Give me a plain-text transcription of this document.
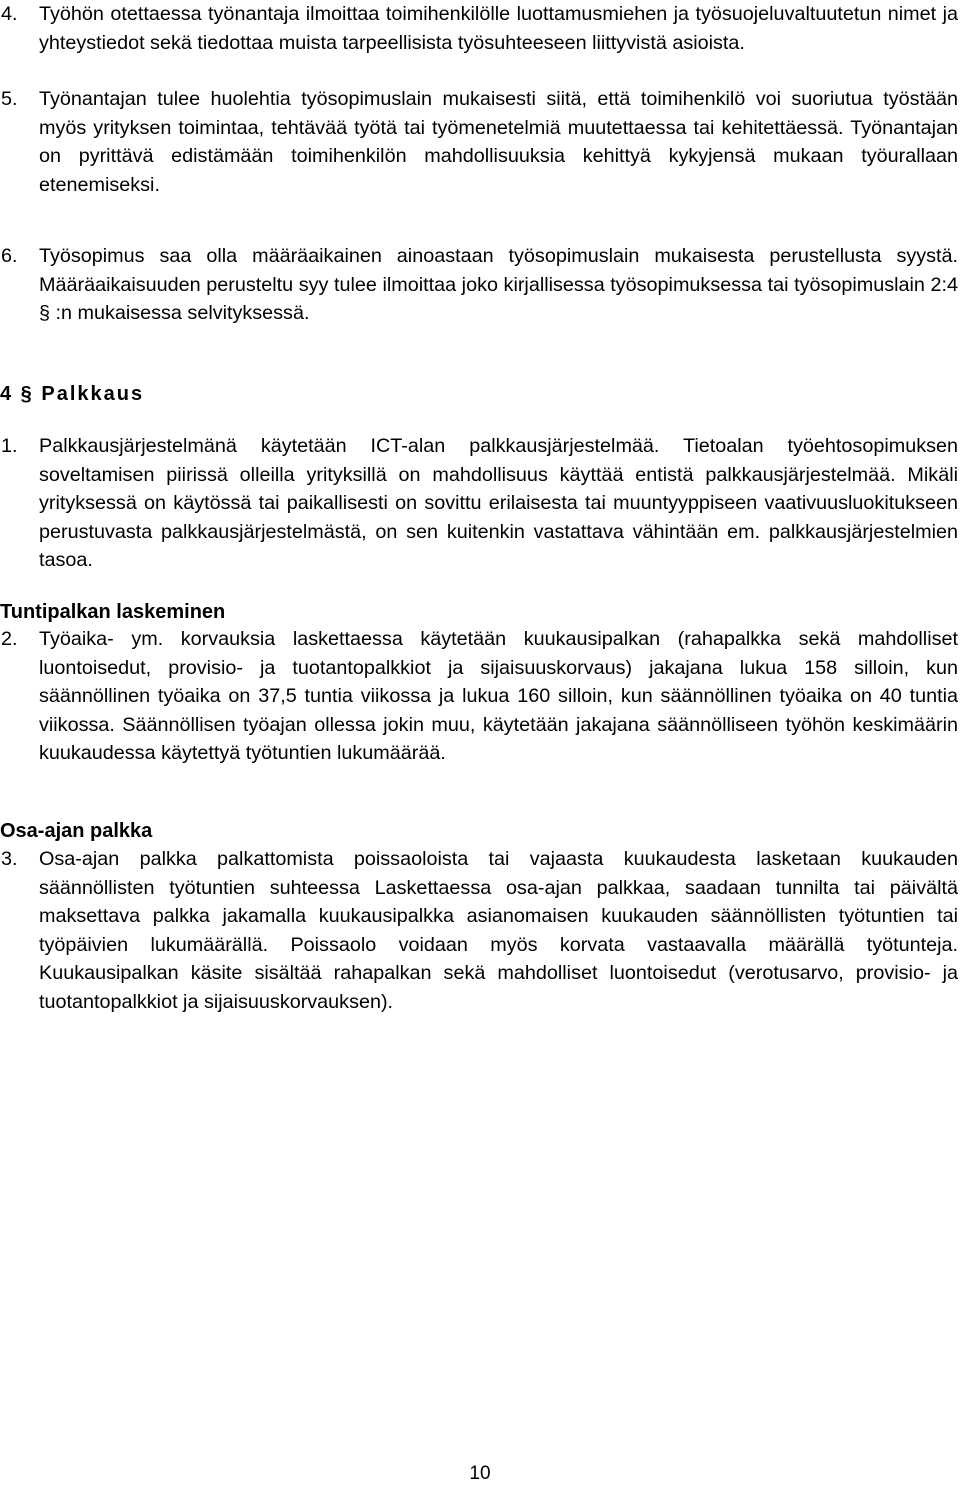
4.	Työhön otettaessa työnantaja ilmoittaa toimihenkilölle luottamusmiehen ja työsuojeluvaltuutetun nimet ja yhteystiedot sekä tiedottaa muista tarpeellisista työsuhteeseen liittyvistä asioista.
5.	Työnantajan tulee huolehtia työsopimuslain mukaisesti siitä, että toimihenkilö voi suoriutua työstään myös yrityksen toimintaa, tehtävää työtä tai työmenetelmiä muutettaessa tai kehitettäessä. Työnantajan on pyrittävä edistämään toimihenkilön mahdollisuuksia kehittyä kykyjensä mukaan työurallaan etenemiseksi.
6.	Työsopimus saa olla määräaikainen ainoastaan työsopimuslain mukaisesta perustellusta syystä. Määräaikaisuuden perusteltu syy tulee ilmoittaa joko kirjallisessa työsopimuksessa tai työsopimuslain 2:4 § :n mukaisessa selvityksessä.
4 § Palkkaus
1.	Palkkausjärjestelmänä käytetään ICT-alan palkkausjärjestelmää. Tietoalan työehtosopimuksen soveltamisen piirissä olleilla yrityksillä on mahdollisuus käyttää entistä palkkausjärjestelmää. Mikäli yrityksessä on käytössä tai paikallisesti on sovittu erilaisesta tai muuntyyppiseen vaativuusluokitukseen perustuvasta palkkausjärjestelmästä, on sen kuitenkin vastattava vähintään em. palkkausjärjestelmien tasoa.
Tuntipalkan laskeminen
2.	Työaika- ym. korvauksia laskettaessa käytetään kuukausipalkan (rahapalkka sekä mahdolliset luontoisedut, provisio- ja tuotantopalkkiot ja sijaisuuskorvaus) jakajana lukua 158 silloin, kun säännöllinen työaika on 37,5 tuntia viikossa ja lukua 160 silloin, kun säännöllinen työaika on 40 tuntia viikossa. Säännöllisen työajan ollessa jokin muu, käytetään jakajana säännölliseen työhön keskimäärin kuukaudessa käytettyä työtuntien lukumäärää.
Osa-ajan palkka
3.	Osa-ajan palkka palkattomista poissaoloista tai vajaasta kuukaudesta lasketaan kuukauden säännöllisten työtuntien suhteessa Laskettaessa osa-ajan palkkaa, saadaan tunnilta tai päivältä maksettava palkka jakamalla kuukausipalkka asianomaisen kuukauden säännöllisten työtuntien tai työpäivien lukumäärällä. Poissaolo voidaan myös korvata vastaavalla määrällä työtunteja. Kuukausipalkan käsite sisältää rahapalkan sekä mahdolliset luontoisedut (verotusarvo, provisio- ja tuotantopalkkiot ja sijaisuuskorvauksen).
10
